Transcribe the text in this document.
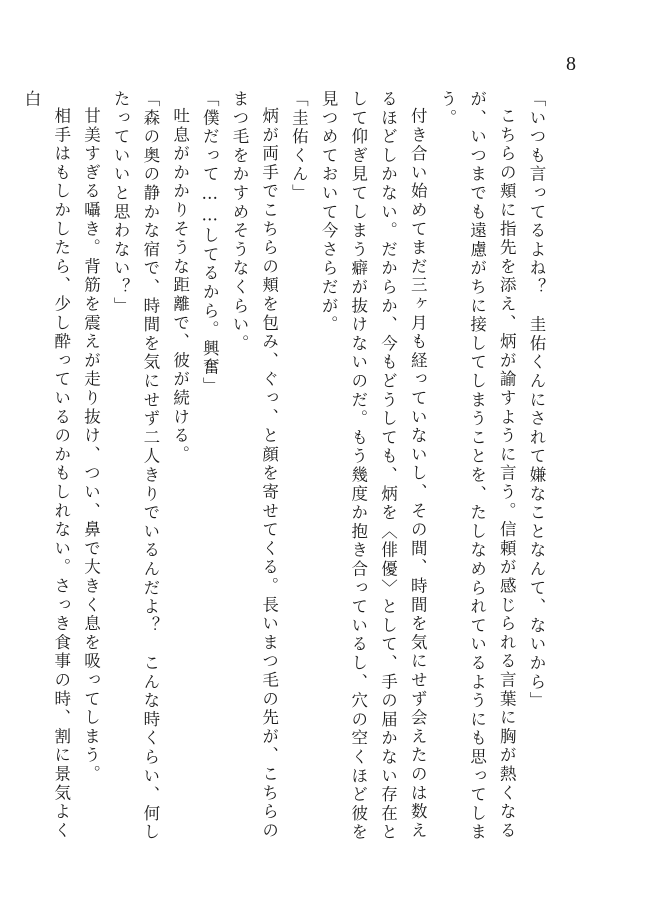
8

「いつも言ってるよね？　圭佑くんにされて嫌なことなんて、ないから」

こちらの頬に指先を添え、炳が諭すように言う。信頼が感じられる言葉に胸が熱くなるが、いつまでも遠慮がちに接してしまうことを、たしなめられているようにも思ってしまう。

付き合い始めてまだ三ヶ月も経っていないし、その間、時間を気にせず会えたのは数えるほどしかない。だからか、今もどうしても、炳を〈俳優〉として、手の届かない存在として仰ぎ見てしまう癖が抜けないのだ。もう幾度か抱き合っているし、穴の空くほど彼を見つめておいて今さらだが。

「圭佑くん」

炳が両手でこちらの頬を包み、ぐっ、と顔を寄せてくる。長いまつ毛の先が、こちらのまつ毛をかすめそうなくらい。

「僕だって……してるから。興奮」

吐息がかかりそうな距離で、彼が続ける。

「森の奥の静かな宿で、時間を気にせず二人きりでいるんだよ？　こんな時くらい、何したっていいと思わない？」

甘美すぎる囁き。背筋を震えが走り抜け、つい、鼻で大きく息を吸ってしまう。

相手はもしかしたら、少し酔っているのかもしれない。さっき食事の時、割に景気よく白
